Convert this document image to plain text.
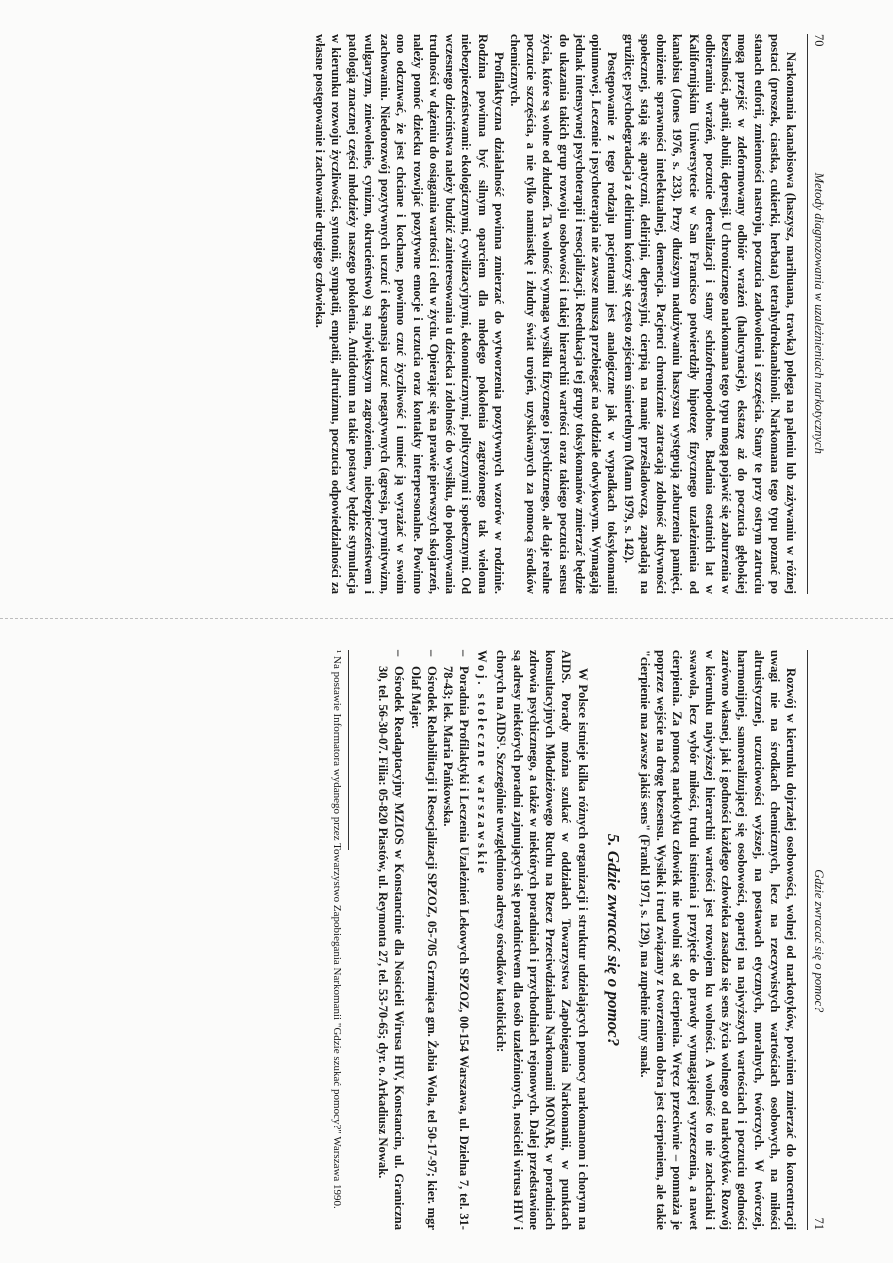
70
Metody diagnozowania w uzależnieniach narkotycznych

Narkomania kanabisowa (haszysz, marihuana, trawka) polega na paleniu lub zażywaniu w różnej postaci (proszek, ciastka, cukierki, herbata) tetrahydrokanabinoli. Narkomana tego typu poznać po stanach euforii, zmienności nastroju, poczucia zadowolenia i szczęścia. Stany te przy ostrym zatruciu mogą przejść w zdeformowany odbiór wrażeń (halucynacje), ekstazę aż do poczucia głębokiej bezsilności, apatii, abulii, depresji. U chronicznego narkomana tego typu mogą pojawić się zaburzenia w odbieraniu wrażeń, poczucie derealizacji i stany schizofrenopodobne. Badania ostatnich lat w Kalifornijskim Uniwersytecie w San Francisco potwierdziły hipotezę fizycznego uzależnienia od kanabisu (Jones 1976, s. 233). Przy dłuższym nadużywaniu haszyszu występują zaburzenia pamięci, obniżenie sprawności intelektualnej, demencja. Pacjenci chronicznie zatracają zdolność aktywności społecznej, stają się apatyczni, delirijni, depresyjni, cierpią na manię prześladowczą, zapadają na gruźlicę; psychodegradacja z delirium kończy się często zejściem śmiertelnym (Mann 1979, s. 142).

Postępowanie z tego rodzaju pacjentami jest analogiczne jak w wypadkach toksykomanii opiumowej. Leczenie i psychoterapia nie zawsze muszą przebiegać na oddziale odwykowym. Wymagają jednak intensywnej psychoterapii i resocjalizacji. Reedukacja tej grupy toksykomanów zmierzać będzie do ukazania takich grup rozwoju osobowości i takiej hierarchii wartości oraz takiego poczucia sensu życia, które są wolne od złudzeń. Ta wolność wymaga wysiłku fizycznego i psychicznego, ale daje realne poczucie szczęścia, a nie tylko namiastkę i złudny świat urojeń, uzyskiwanych za pomocą środków chemicznych.

Profilaktyczna działalność powinna zmierzać do wytworzenia pozytywnych wzorów w rodzinie. Rodzina powinna być silnym oparciem dla młodego pokolenia zagrożonego tak wieloma niebezpieczeństwami: ekologicznymi, cywilizacyjnymi, ekonomicznymi, politycznymi i społecznymi. Od wczesnego dzieciństwa należy budzić zainteresowania u dziecka i zdolność do wysiłku, do pokonywania trudności w dążeniu do osiągania wartości i celu w życiu. Opierając się na prawie pierwszych skojarzeń, należy pomóc dziecku rozwijać pozytywne emocje i uczucia oraz kontakty interpersonalne. Powinno ono odczuwać, że jest chciane i kochane, powinno czuć życzliwość i umieć ją wyrażać w swoim zachowaniu. Niedorozwój pozytywnych uczuć i ekspansja uczuć negatywnych (agresja, prymitywizm, wulgaryzm, zniewolenie, cynizm, okrucieństwo) są największym zagrożeniem, niebezpieczeństwem i patologią znacznej części młodzieży naszego pokolenia. Antidotum na takie postawy będzie stymulacja w kierunku rozwoju życzliwości, syntonii, sympatii, empatii, altruizmu, poczucia odpowiedzialności za własne postępowanie i zachowanie drugiego człowieka.

Gdzie zwracać się o pomoc?
71

Rozwój w kierunku dojrzałej osobowości, wolnej od narkotyków, powinien zmierzać do koncentracji uwagi nie na środkach chemicznych, lecz na rzeczywistych wartościach osobowych, na miłości altruistycznej, uczuciowości wyższej, na postawach etycznych, moralnych, twórczych. W twórczej, harmonijnej, samorealizującej się osobowości, opartej na najwyższych wartościach i poczuciu godności zarówno własnej, jak i godności każdego człowieka zasadza się sens życia wolnego od narkotyków. Rozwój w kierunku najwyższej hierarchii wartości jest rozwojem ku wolności. A wolność to nie zachcianki i swawola, lecz wybór miłości, trudu istnienia i przyjęcie do prawdy wymagającej wyrzeczenia, a nawet cierpienia. Za pomocą narkotyku człowiek nie uwolni się od cierpienia. Wręcz przeciwnie – pomnaża je poprzez wejście na drogę bezsensu. Wysiłek i trud związany z tworzeniem dobra jest cierpieniem, ale takie "cierpienie ma zawsze jakiś sens" (Frankl 1971, s. 129), ma zupełnie inny smak.

5. Gdzie zwracać się o pomoc?

W Polsce istnieje kilka różnych organizacji i struktur udzielających pomocy narkomanom i chorym na AIDS. Porady można szukać w oddziałach Towarzystwa Zapobiegania Narkomanii, w punktach konsultacyjnych Młodzieżowego Ruchu na Rzecz Przeciwdziałania Narkomanii MONAR, w poradniach zdrowia psychicznego, a także w niektórych poradniach i przychodniach rejonowych. Dalej przedstawione są adresy niektórych poradni zajmujących się poradnictwem dla osób uzależnionych, nosicieli wirusa HIV i chorych na AIDS¹. Szczególnie uwzględniono adresy ośrodków katolickich:

Woj. stołeczne warszawskie
– Poradnia Profilaktyki i Leczenia Uzależnień Lekowych SPZOZ, 00-154 Warszawa, ul. Dzielna 7, tel. 31-78-43; lek. Maria Pańkowska.
– Ośrodek Rehabilitacji i Resocjalizacji SPZOZ, 05-705 Grzmiąca gm. Żabia Wola, tel 50-17-97; kier. mgr Olaf Majer.
– Ośrodek Readaptacyjny MZIOS w Konstancinie dla Nosicieli Wirusa HIV, Konstancin, ul. Graniczna 30, tel. 56-30-07. Filia: 05-820 Piastów, ul. Reymonta 27, tel. 53-70-65; dyr. o. Arkadiusz Nowak.
¹ Na postawie Informatora wydanego przez Towarzystwo Zapobiegania Narkomanii "Gdzie szukać pomocy?" Warszawa 1990.
